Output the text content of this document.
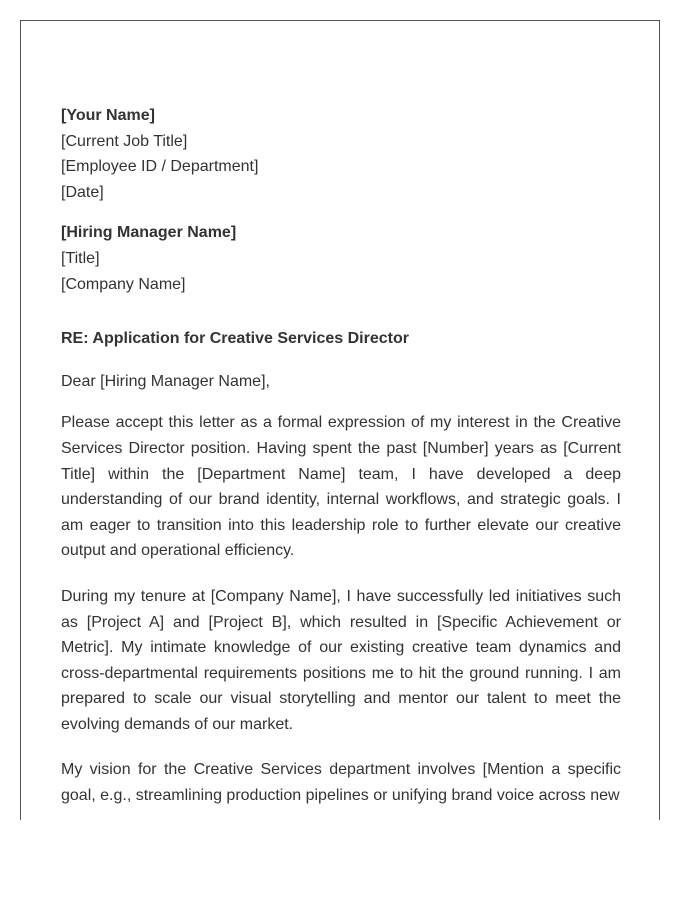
[Your Name]
[Current Job Title]
[Employee ID / Department]
[Date]
[Hiring Manager Name]
[Title]
[Company Name]
RE: Application for Creative Services Director
Dear [Hiring Manager Name],

Please accept this letter as a formal expression of my interest in the Creative Services Director position. Having spent the past [Number] years as [Current Title] within the [Department Name] team, I have developed a deep understanding of our brand identity, internal workflows, and strategic goals. I am eager to transition into this leadership role to further elevate our creative output and operational efficiency.

During my tenure at [Company Name], I have successfully led initiatives such as [Project A] and [Project B], which resulted in [Specific Achievement or Metric]. My intimate knowledge of our existing creative team dynamics and cross-departmental requirements positions me to hit the ground running. I am prepared to scale our visual storytelling and mentor our talent to meet the evolving demands of our market.

My vision for the Creative Services department involves [Mention a specific goal, e.g., streamlining production pipelines or unifying brand voice across new
